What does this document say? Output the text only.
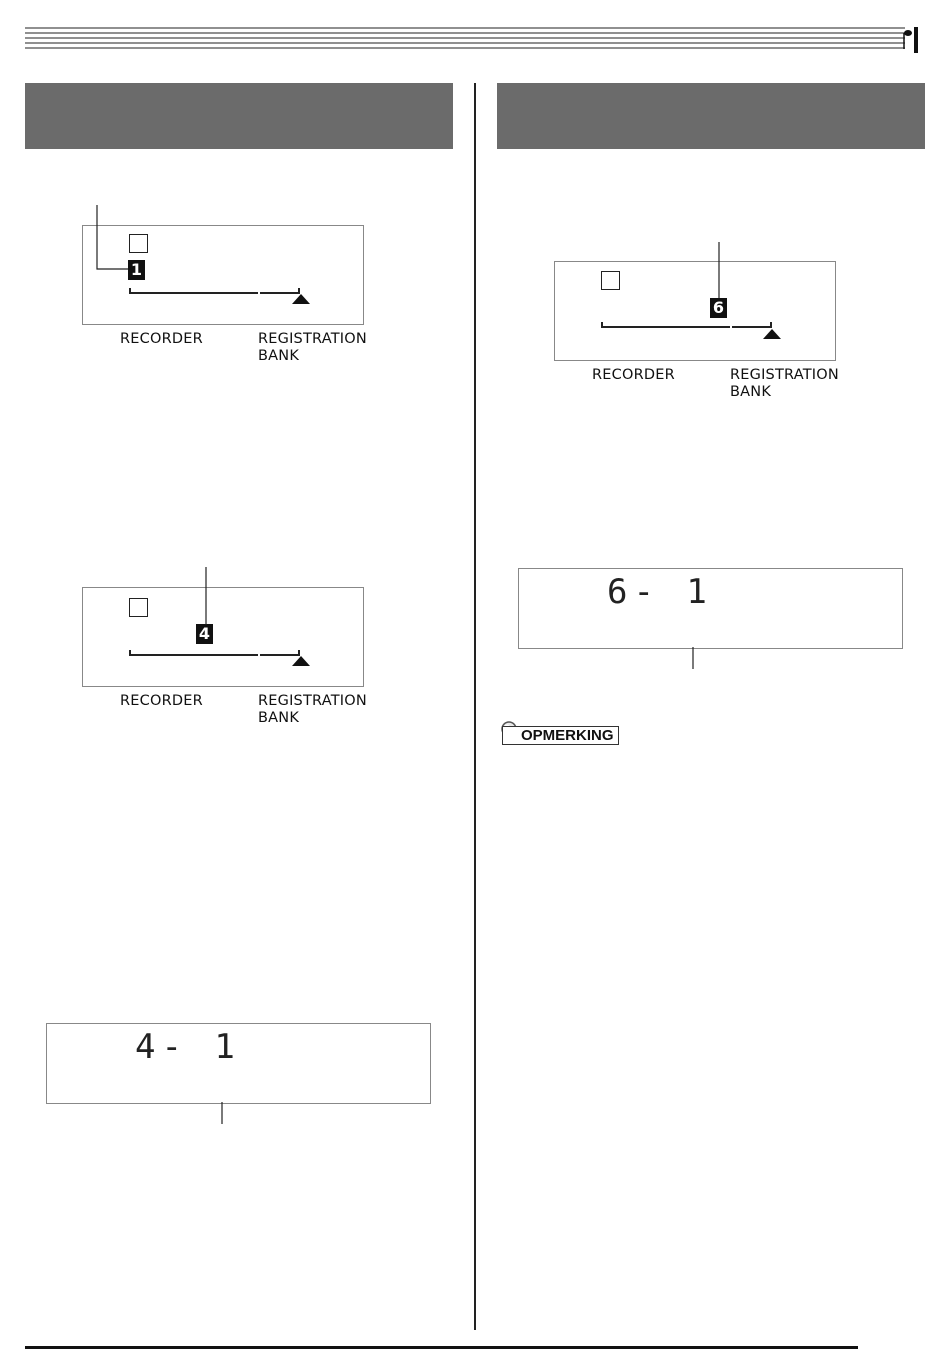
1
RECORDER	REGISTRATION
BANK
4
RECORDER	REGISTRATION
BANK
4- 1
6
RECORDER	REGISTRATION
BANK
6- 1
OPMERKING
